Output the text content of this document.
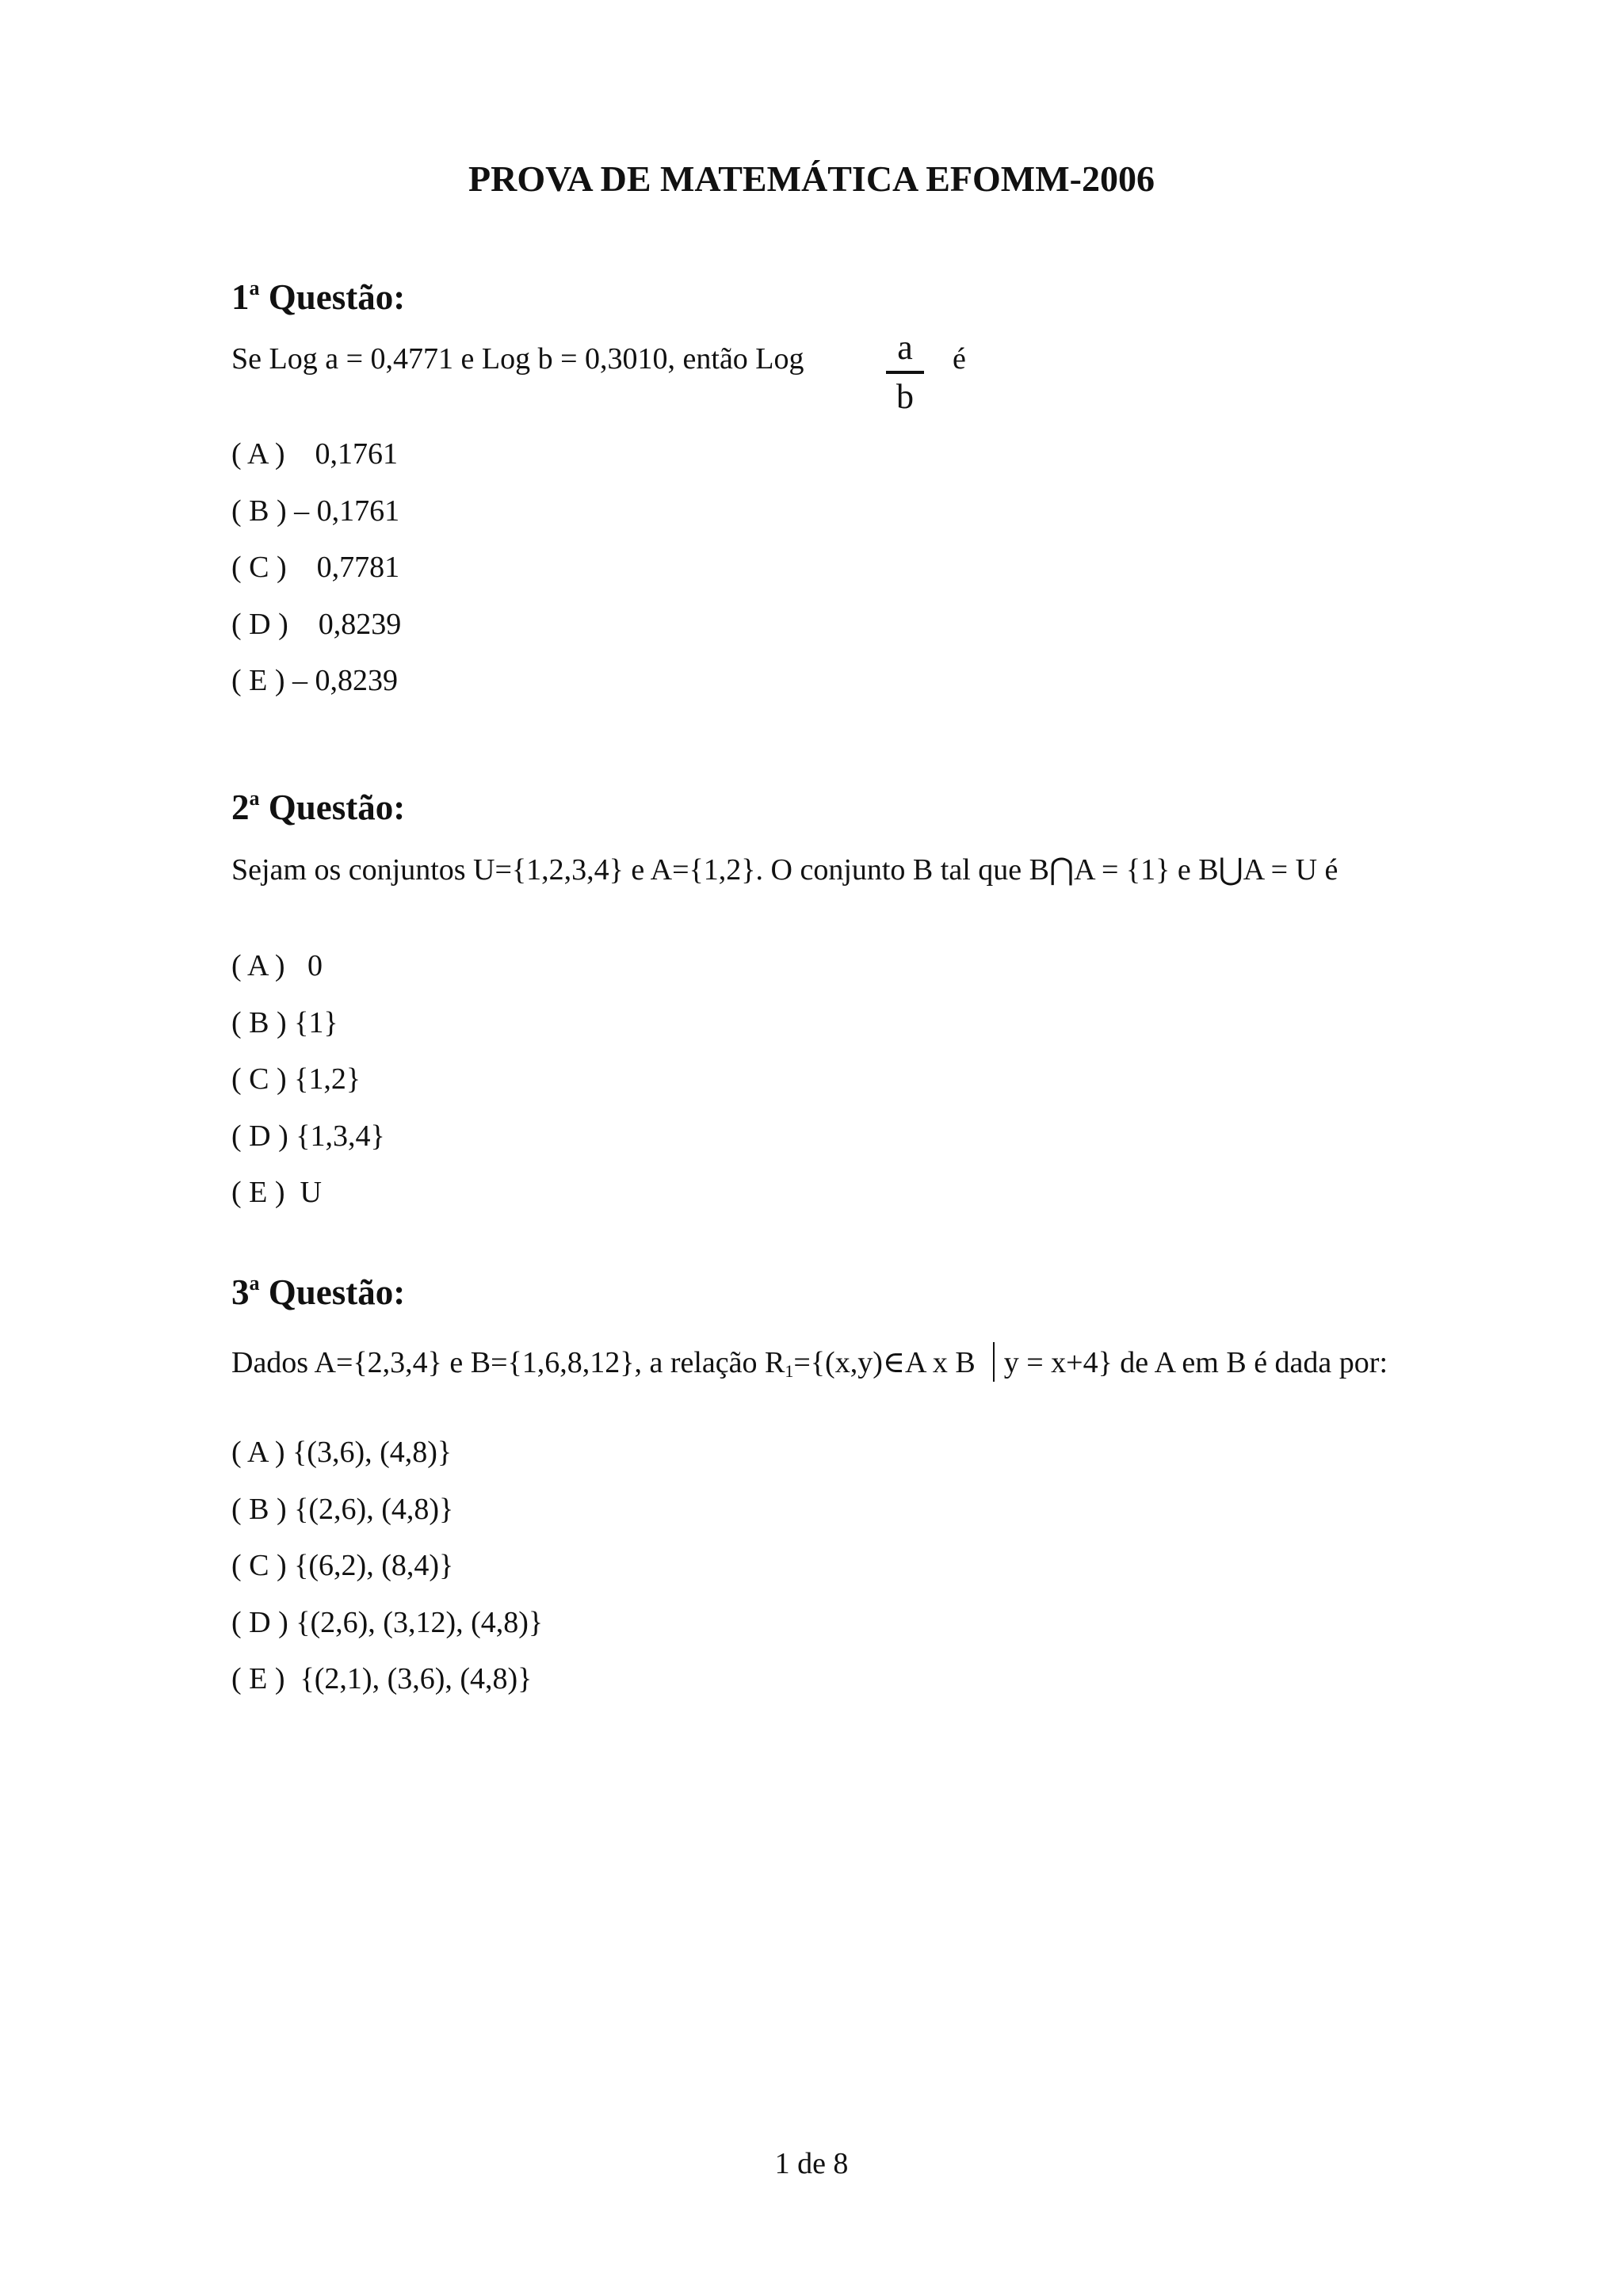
PROVA DE MATEMÁTICA EFOMM-2006
1$^a$ Questão:
Se Log a = 0,4771 e Log b = 0,3010, então Log	a
b
é
( A )    0,1761
( B ) – 0,1761
( C )    0,7781
( D )    0,8239
( E ) – 0,8239
2$^a$ Questão:
Sejam os conjuntos U={1,2,3,4} e A={1,2}. O conjunto B tal que B⋂A = {1} e B⋃A = U é
( A )   0
( B ) {1}
( C ) {1,2}
( D ) {1,3,4}
( E )  U
3$^a$ Questão:
Dados A={2,3,4} e B={1,6,8,12}, a relação $R_1=\{(x,y)\in A$ x B y = x+4} de A em B é dada por:
( A ) {(3,6), (4,8)}
( B ) {(2,6), (4,8)}
( C ) {(6,2), (8,4)}
( D ) {(2,6), (3,12), (4,8)}
( E )  {(2,1), (3,6), (4,8)}
1 de 8
